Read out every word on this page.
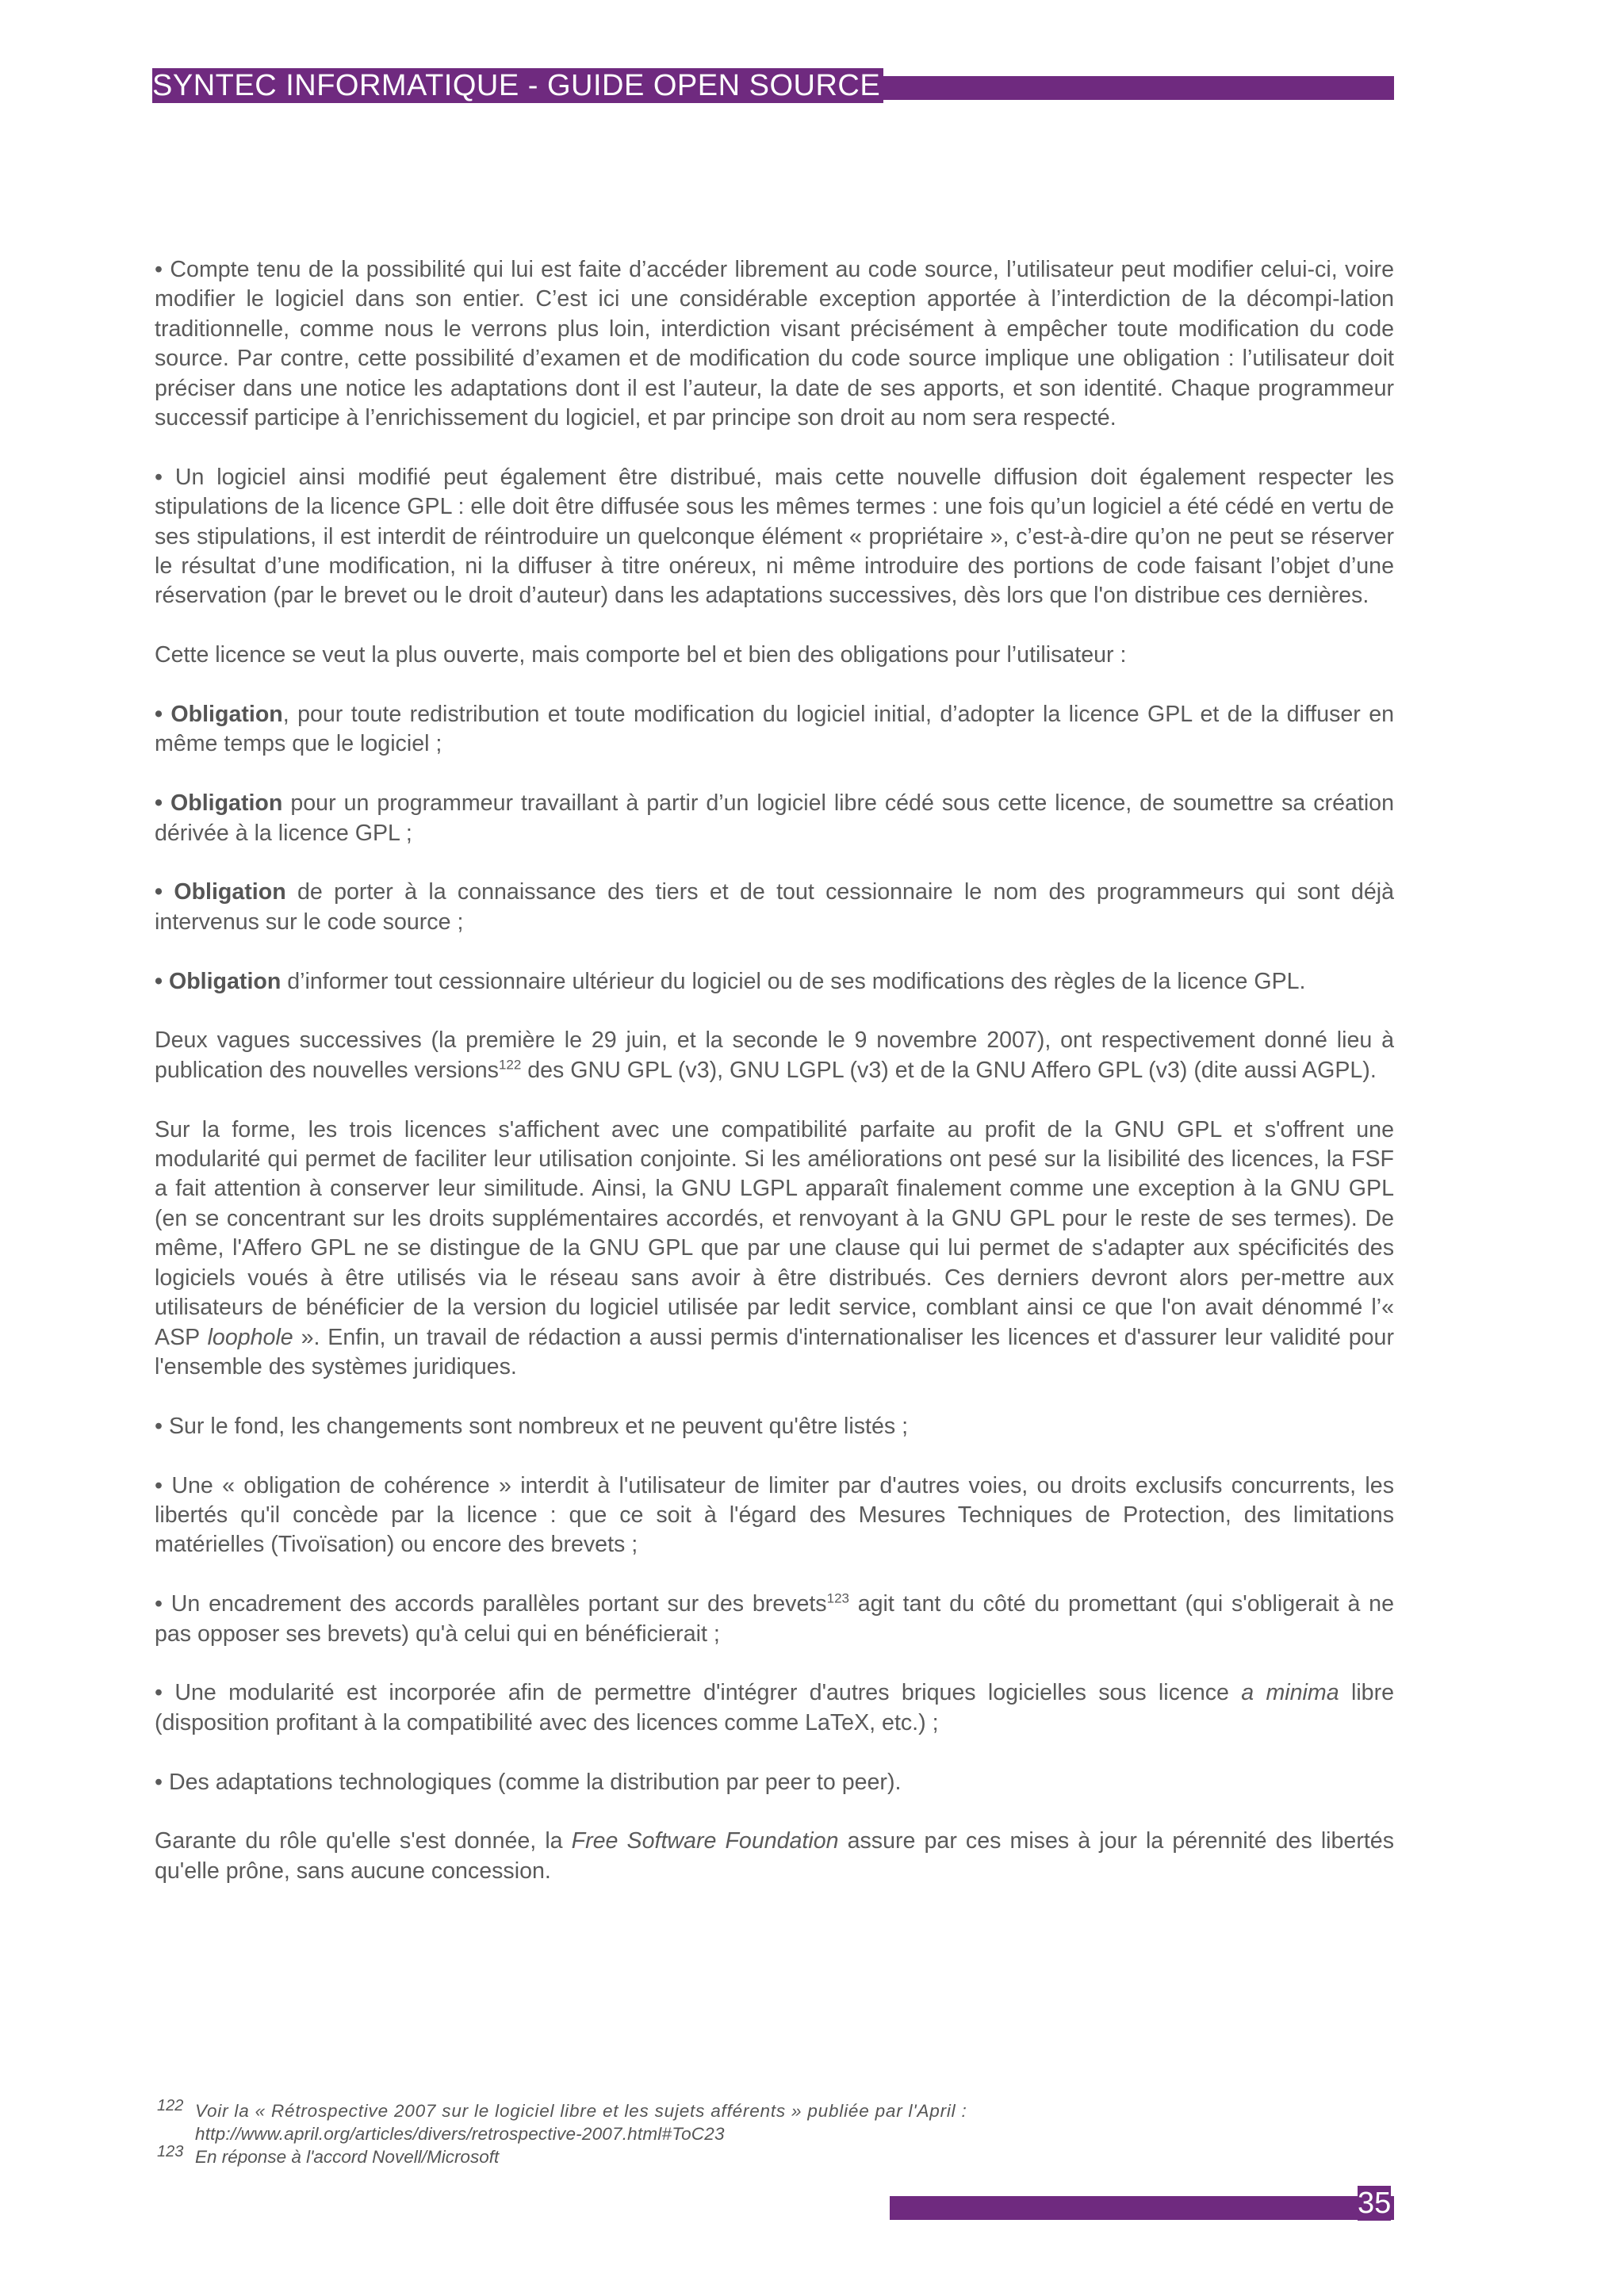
SYNTEC INFORMATIQUE - GUIDE OPEN SOURCE

• Compte tenu de la possibilité qui lui est faite d’accéder librement au code source, l’utilisateur peut modifier celui-ci, voire modifier le logiciel dans son entier. C’est ici une considérable exception apportée à l’interdiction de la décompi-lation traditionnelle, comme nous le verrons plus loin, interdiction visant précisément à empêcher toute modification du code source. Par contre, cette possibilité d’examen et de modification du code source implique une obligation : l’utilisateur doit préciser dans une notice les adaptations dont il est l’auteur, la date de ses apports, et son identité. Chaque programmeur successif participe à l’enrichissement du logiciel, et par principe son droit au nom sera respecté.

• Un logiciel ainsi modifié peut également être distribué, mais cette nouvelle diffusion doit également respecter les stipulations de la licence GPL : elle doit être diffusée sous les mêmes termes : une fois qu’un logiciel a été cédé en vertu de ses stipulations, il est interdit de réintroduire un quelconque élément « propriétaire », c’est-à-dire qu’on ne peut se réserver le résultat d’une modification, ni la diffuser à titre onéreux, ni même introduire des portions de code faisant l’objet d’une réservation (par le brevet ou le droit d’auteur) dans les adaptations successives, dès lors que l'on distribue ces dernières.

Cette licence se veut la plus ouverte, mais comporte bel et bien des obligations pour l’utilisateur :

• Obligation, pour toute redistribution et toute modification du logiciel initial, d’adopter la licence GPL et de la diffuser en même temps que le logiciel ;

• Obligation pour un programmeur travaillant à partir d’un logiciel libre cédé sous cette licence, de soumettre sa création dérivée à la licence GPL ;

• Obligation de porter à la connaissance des tiers et de tout cessionnaire le nom des programmeurs qui sont déjà intervenus sur le code source ;

• Obligation d’informer tout cessionnaire ultérieur du logiciel ou de ses modifications des règles de la licence GPL.

Deux vagues successives (la première le 29 juin, et la seconde le 9 novembre 2007), ont respectivement donné lieu à publication des nouvelles versions$^{122}$ des GNU GPL (v3), GNU LGPL (v3) et de la GNU Affero GPL (v3) (dite aussi AGPL).

Sur la forme, les trois licences s'affichent avec une compatibilité parfaite au profit de la GNU GPL et s'offrent une modularité qui permet de faciliter leur utilisation conjointe. Si les améliorations ont pesé sur la lisibilité des licences, la FSF a fait attention à conserver leur similitude. Ainsi, la GNU LGPL apparaît finalement comme une exception à la GNU GPL (en se concentrant sur les droits supplémentaires accordés, et renvoyant à la GNU GPL pour le reste de ses termes). De même, l'Affero GPL ne se distingue de la GNU GPL que par une clause qui lui permet de s'adapter aux spécificités des logiciels voués à être utilisés via le réseau sans avoir à être distribués. Ces derniers devront alors per-mettre aux utilisateurs de bénéficier de la version du logiciel utilisée par ledit service, comblant ainsi ce que l'on avait dénommé l’« ASP loophole ». Enfin, un travail de rédaction a aussi permis d'internationaliser les licences et d'assurer leur validité pour l'ensemble des systèmes juridiques.

• Sur le fond, les changements sont nombreux et ne peuvent qu'être listés ;

• Une « obligation de cohérence » interdit à l'utilisateur de limiter par d'autres voies, ou droits exclusifs concurrents, les libertés qu'il concède par la licence : que ce soit à l'égard des Mesures Techniques de Protection, des limitations matérielles (Tivoïsation) ou encore des brevets ;

• Un encadrement des accords parallèles portant sur des brevets$^{123}$ agit tant du côté du promettant (qui s'obligerait à ne pas opposer ses brevets) qu'à celui qui en bénéficierait ;

• Une modularité est incorporée afin de permettre d'intégrer d'autres briques logicielles sous licence a minima libre (disposition profitant à la compatibilité avec des licences comme LaTeX, etc.) ;

• Des adaptations technologiques (comme la distribution par peer to peer).

Garante du rôle qu'elle s'est donnée, la Free Software Foundation assure par ces mises à jour la pérennité des libertés qu'elle prône, sans aucune concession.

122 Voir la « Rétrospective 2007 sur le logiciel libre et les sujets afférents » publiée par l'April :
http://www.april.org/articles/divers/retrospective-2007.html#ToC23
123 En réponse à l'accord Novell/Microsoft
35
